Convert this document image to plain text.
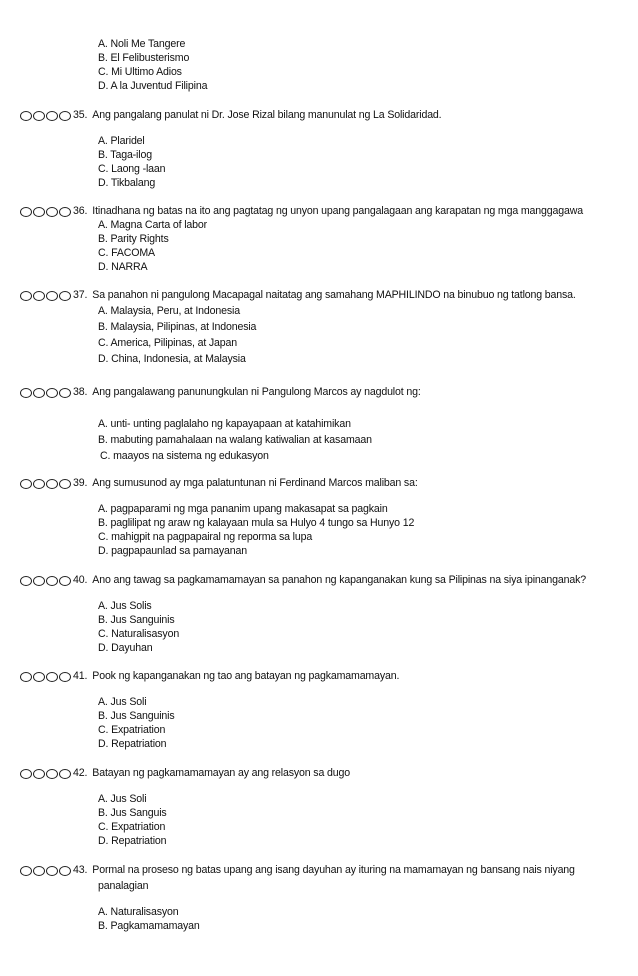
A. Noli Me Tangere
B. El Felibusterismo
C. Mi Ultimo Adios
D. A la Juventud Filipina
35. Ang pangalang panulat ni Dr. Jose Rizal bilang manunulat ng La Solidaridad.
A. Plaridel
B. Taga-ilog
C. Laong -laan
D. Tikbalang
36. Itinadhana ng batas na ito ang pagtatag ng unyon upang pangalagaan ang karapatan ng mga manggagawa
A. Magna Carta of labor
B. Parity Rights
C. FACOMA
D. NARRA
37. Sa panahon ni pangulong Macapagal naitatag ang samahang MAPHILINDO na binubuo ng tatlong bansa.
A. Malaysia, Peru, at Indonesia
B. Malaysia, Pilipinas, at Indonesia
C. America, Pilipinas, at Japan
D. China, Indonesia, at Malaysia
38. Ang pangalawang panunungkulan ni Pangulong Marcos ay nagdulot ng:
A. unti- unting paglalaho ng kapayapaan at katahimikan
B. mabuting pamahalaan na walang katiwalian at kasamaan
C. maayos na sistema ng edukasyon
39. Ang sumusunod ay mga palatuntunan ni Ferdinand Marcos maliban sa:
A. pagpaparami ng mga pananim upang makasapat sa pagkain
B. paglilipat ng araw ng kalayaan mula sa Hulyo 4 tungo sa Hunyo 12
C. mahigpit na pagpapairal ng reporma sa lupa
D. pagpapaunlad sa pamayanan
40. Ano ang tawag sa pagkamamamayan sa panahon ng kapanganakan kung sa Pilipinas na siya ipinanganak?
A. Jus Solis
B. Jus Sanguinis
C. Naturalisasyon
D. Dayuhan
41. Pook ng kapanganakan ng tao ang batayan ng pagkamamamayan.
A. Jus Soli
B. Jus Sanguinis
C. Expatriation
D. Repatriation
42. Batayan ng pagkamamamayan ay ang relasyon sa dugo
A. Jus Soli
B. Jus Sanguis
C. Expatriation
D. Repatriation
43. Pormal na proseso ng batas upang ang isang dayuhan ay ituring na mamamayan ng bansang nais niyang
panalagian
A. Naturalisasyon
B. Pagkamamamayan
